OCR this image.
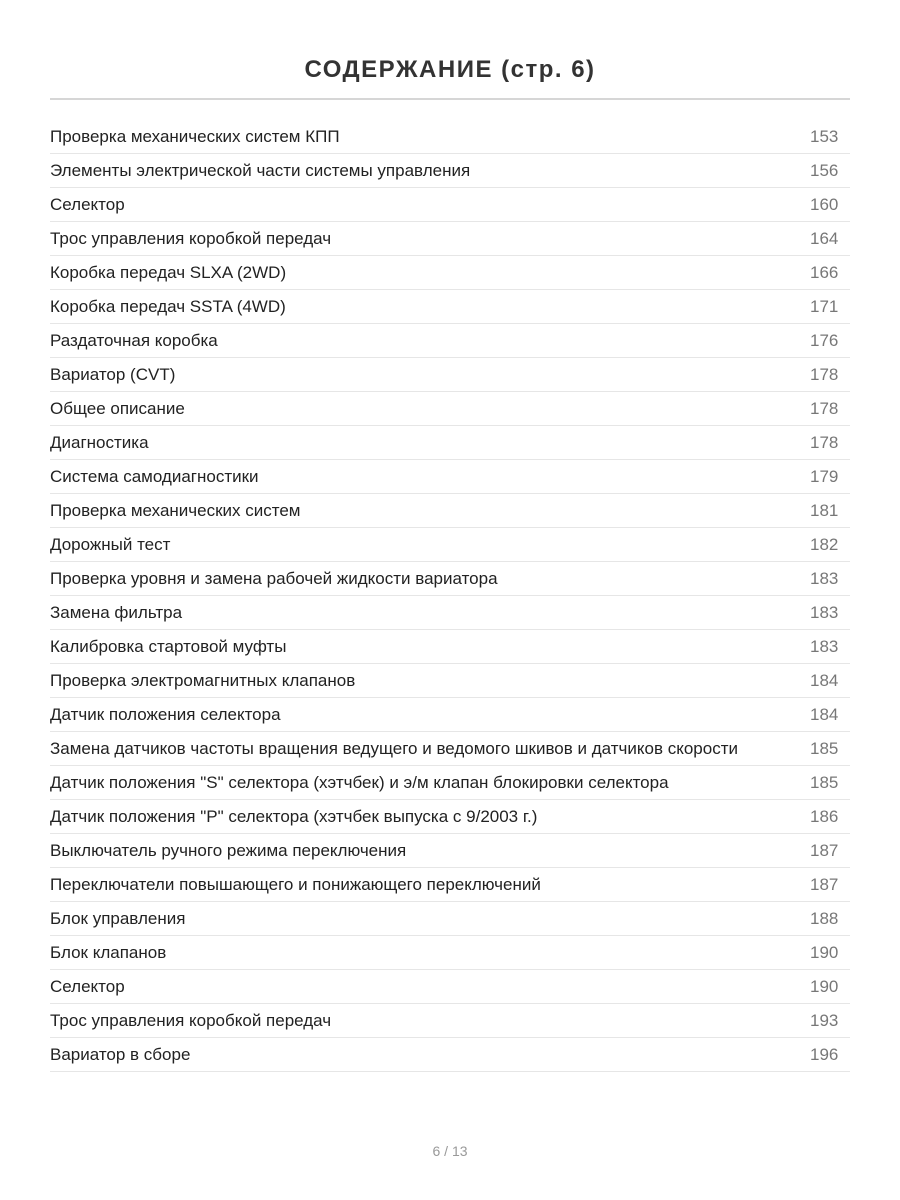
СОДЕРЖАНИЕ (стр. 6)
Проверка механических систем КПП	153
Элементы электрической части системы управления	156
Селектор	160
Трос управления коробкой передач	164
Коробка передач SLXA (2WD)	166
Коробка передач SSTA (4WD)	171
Раздаточная коробка	176
Вариатор (CVT)	178
Общее описание	178
Диагностика	178
Система самодиагностики	179
Проверка механических систем	181
Дорожный тест	182
Проверка уровня и замена рабочей жидкости вариатора	183
Замена фильтра	183
Калибровка стартовой муфты	183
Проверка электромагнитных клапанов	184
Датчик положения селектора	184
Замена датчиков частоты вращения ведущего и ведомого шкивов и датчиков скорости	185
Датчик положения "S" селектора (хэтчбек) и э/м клапан блокировки селектора	185
Датчик положения "P" селектора (хэтчбек выпуска с 9/2003 г.)	186
Выключатель ручного режима переключения	187
Переключатели повышающего и понижающего переключений	187
Блок управления	188
Блок клапанов	190
Селектор	190
Трос управления коробкой передач	193
Вариатор в сборе	196
6 / 13
